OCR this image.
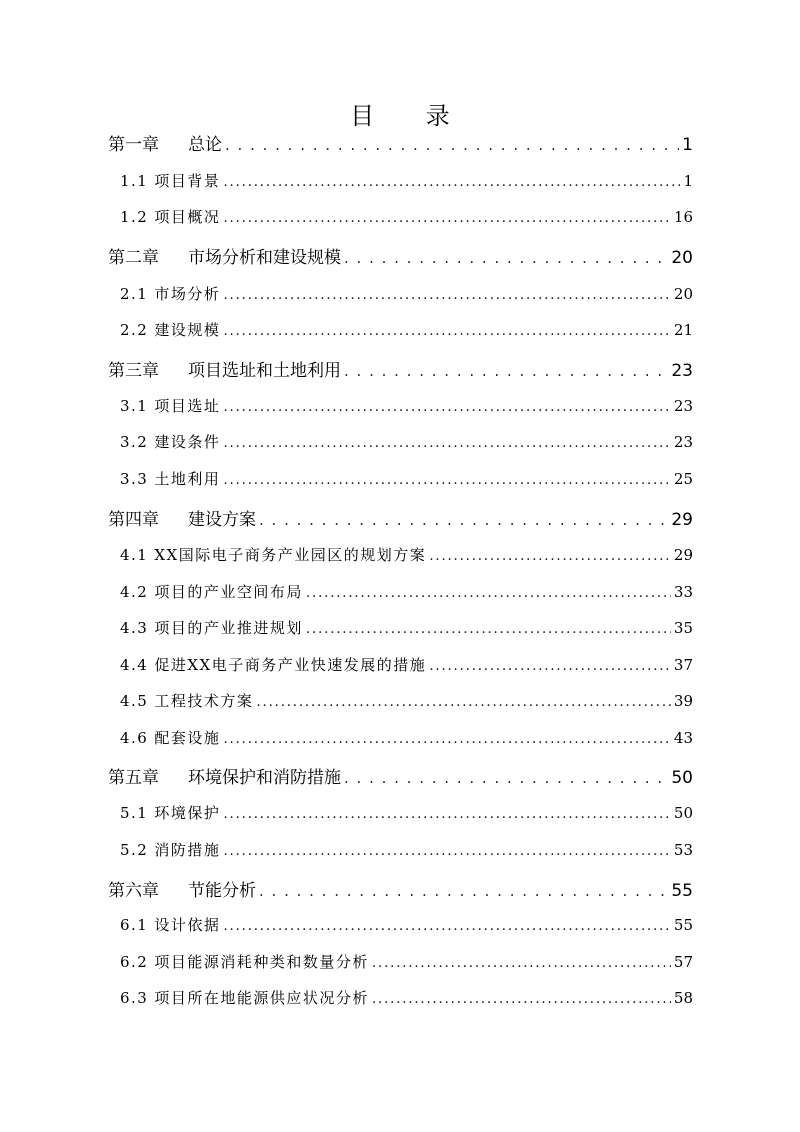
目 录
第一章	总论 . . .	1
1.1 项目背景 .....	1
1.2 项目概况 .....	16
第二章	市场分析和建设规模 . . .	20
2.1 市场分析 .....	20
2.2 建设规模 .....	21
第三章	项目选址和土地利用 . . .	23
3.1 项目选址 .....	23
3.2 建设条件 .....	23
3.3 土地利用 .....	25
第四章	建设方案 . . .	29
4.1 XX国际电子商务产业园区的规划方案 .....	29
4.2 项目的产业空间布局 .....	33
4.3 项目的产业推进规划 .....	35
4.4 促进XX电子商务产业快速发展的措施 .....	37
4.5 工程技术方案 .....	39
4.6 配套设施 .....	43
第五章	环境保护和消防措施 . . .	50
5.1 环境保护 .....	50
5.2 消防措施 .....	53
第六章	节能分析 . . .	55
6.1 设计依据 .....	55
6.2 项目能源消耗种类和数量分析 .....	57
6.3 项目所在地能源供应状况分析 .....	58
